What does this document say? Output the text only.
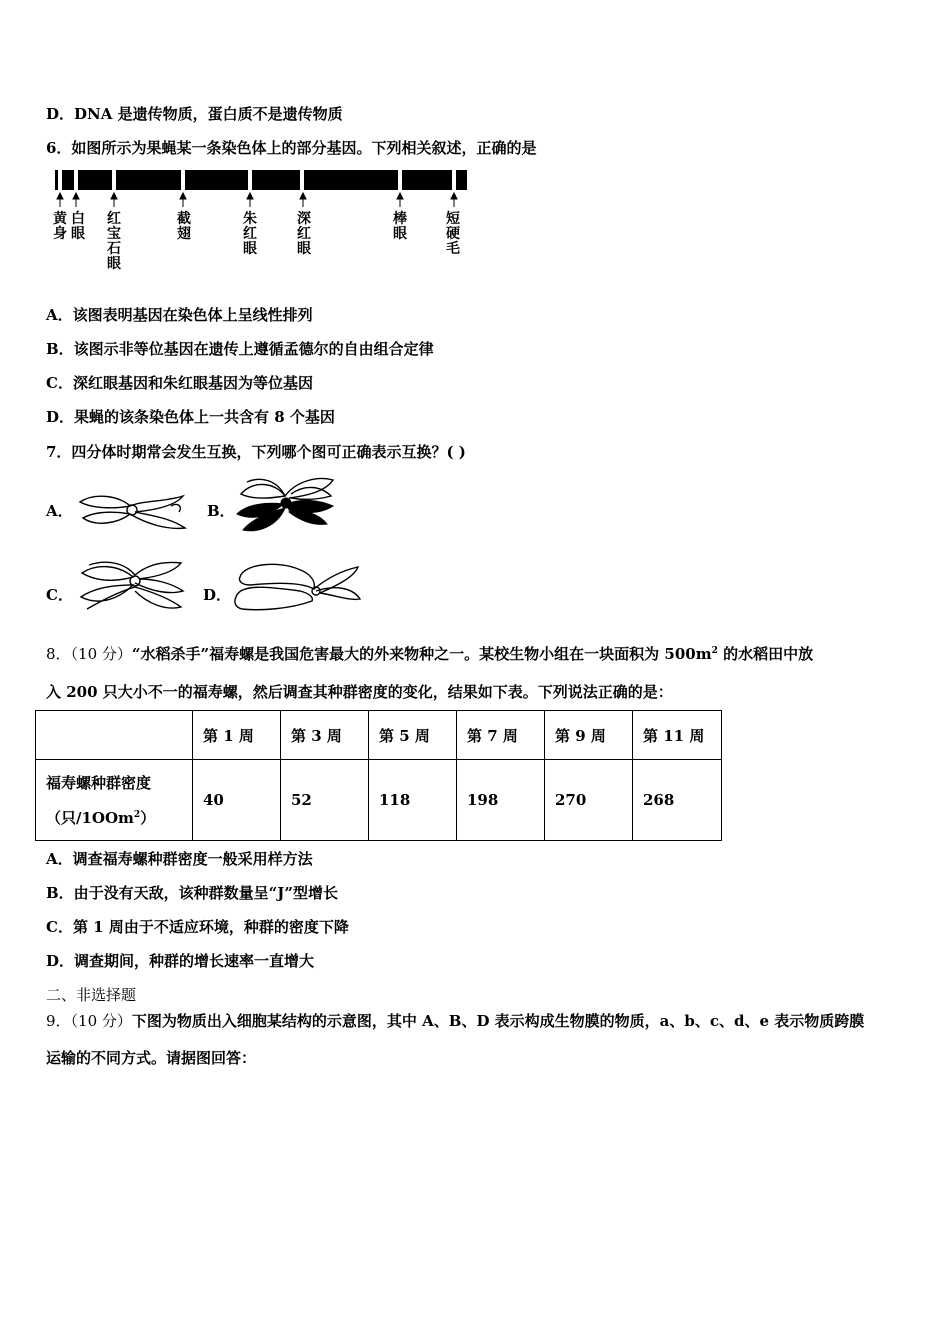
D．DNA 是遗传物质，蛋白质不是遗传物质
6．如图所示为果蝇某一条染色体上的部分基因。下列相关叙述，正确的是
黄身
白眼
红宝石眼
截翅
朱红眼
深红眼
棒眼
短硬毛
A．该图表明基因在染色体上呈线性排列
B．该图示非等位基因在遗传上遵循孟德尔的自由组合定律
C．深红眼基因和朱红眼基因为等位基因
D．果蝇的该条染色体上一共含有 8 个基因
7．四分体时期常会发生互换，下列哪个图可正确表示互换？( )
A．	B．
C．	D．
8．（10 分）“水稻杀手”福寿螺是我国危害最大的外来物种之一。某校生物小组在一块面积为 $500m^2$ 的水稻田中放
入 200 只大小不一的福寿螺，然后调查其种群密度的变化，结果如下表。下列说法正确的是：
	第 1 周	第 3 周	第 5 周	第 7 周	第 9 周	第 11 周

福寿螺种群密度
（只/1OOm$^2$）	40	52	118	198	270	268
A．调查福寿螺种群密度一般采用样方法
B．由于没有天敌，该种群数量呈“J”型增长
C．第 1 周由于不适应环境，种群的密度下降
D．调查期间，种群的增长速率一直增大
二、非选择题
9．（10 分）下图为物质出入细胞某结构的示意图，其中 A、B、D 表示构成生物膜的物质，a、b、c、d、e 表示物质跨膜
运输的不同方式。请据图回答：
